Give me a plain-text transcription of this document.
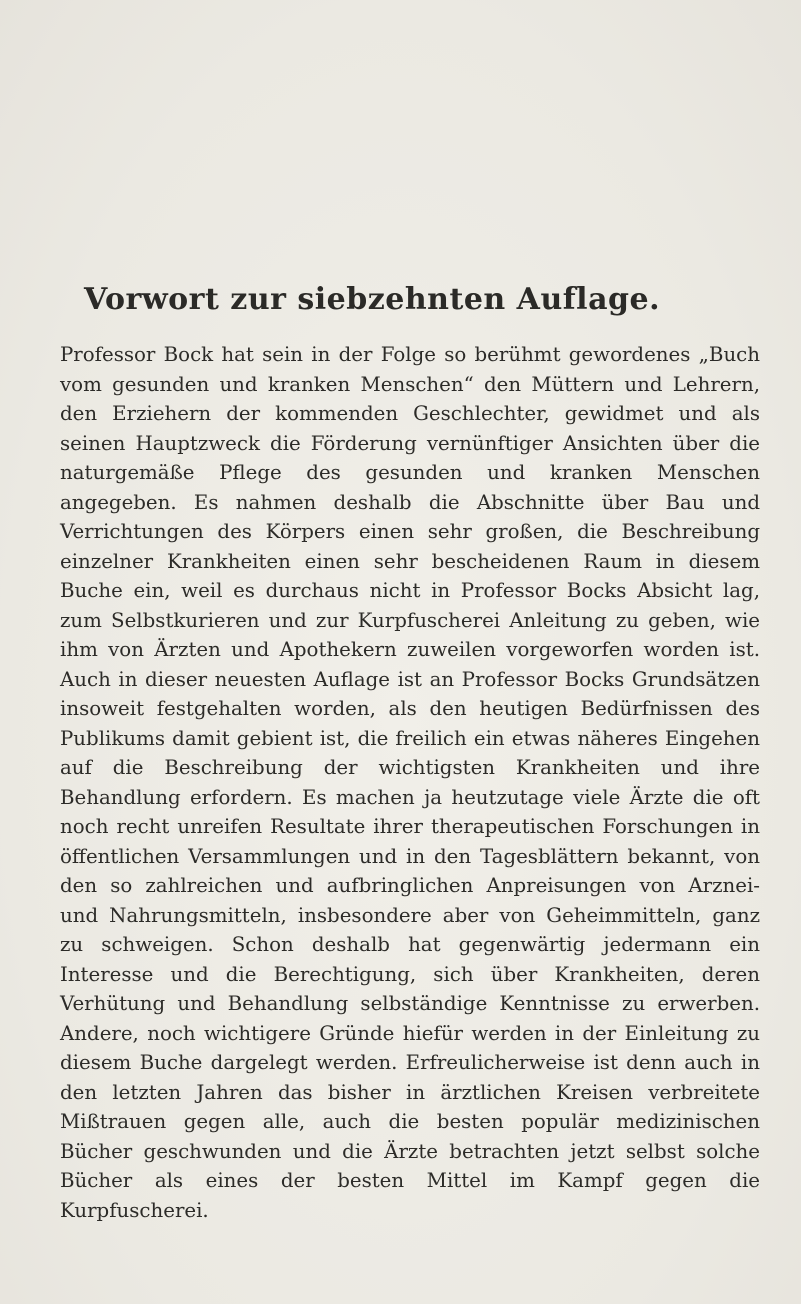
Vorwort zur siebzehnten Auflage.

Professor Bock hat sein in der Folge so berühmt gewordenes „Buch vom gesunden und kranken Menschen“ den Müttern und Lehrern, den Erziehern der kommenden Geschlechter, gewidmet und als seinen Hauptzweck die Förderung vernünftiger Ansichten über die naturgemäße Pflege des gesunden und kranken Menschen angegeben. Es nahmen deshalb die Abschnitte über Bau und Verrichtungen des Körpers einen sehr großen, die Beschreibung einzelner Krankheiten einen sehr bescheidenen Raum in diesem Buche ein, weil es durchaus nicht in Professor Bocks Absicht lag, zum Selbstkurieren und zur Kurpfuscherei Anleitung zu geben, wie ihm von Ärzten und Apothekern zuweilen vorgeworfen worden ist. Auch in dieser neuesten Auflage ist an Professor Bocks Grundsätzen insoweit festgehalten worden, als den heutigen Bedürfnissen des Publikums damit gebient ist, die freilich ein etwas näheres Eingehen auf die Beschreibung der wichtigsten Krankheiten und ihre Behandlung erfordern. Es machen ja heutzutage viele Ärzte die oft noch recht unreifen Resultate ihrer therapeutischen Forschungen in öffentlichen Versammlungen und in den Tagesblättern bekannt, von den so zahlreichen und aufbringlichen Anpreisungen von Arznei- und Nahrungsmitteln, insbesondere aber von Geheimmitteln, ganz zu schweigen. Schon deshalb hat gegenwärtig jedermann ein Interesse und die Berechtigung, sich über Krankheiten, deren Verhütung und Behandlung selbständige Kenntnisse zu erwerben. Andere, noch wichtigere Gründe hiefür werden in der Einleitung zu diesem Buche dargelegt werden. Erfreulicherweise ist denn auch in den letzten Jahren das bisher in ärztlichen Kreisen verbreitete Mißtrauen gegen alle, auch die besten populär medizinischen Bücher geschwunden und die Ärzte betrachten jetzt selbst solche Bücher als eines der besten Mittel im Kampf gegen die Kurpfuscherei.
